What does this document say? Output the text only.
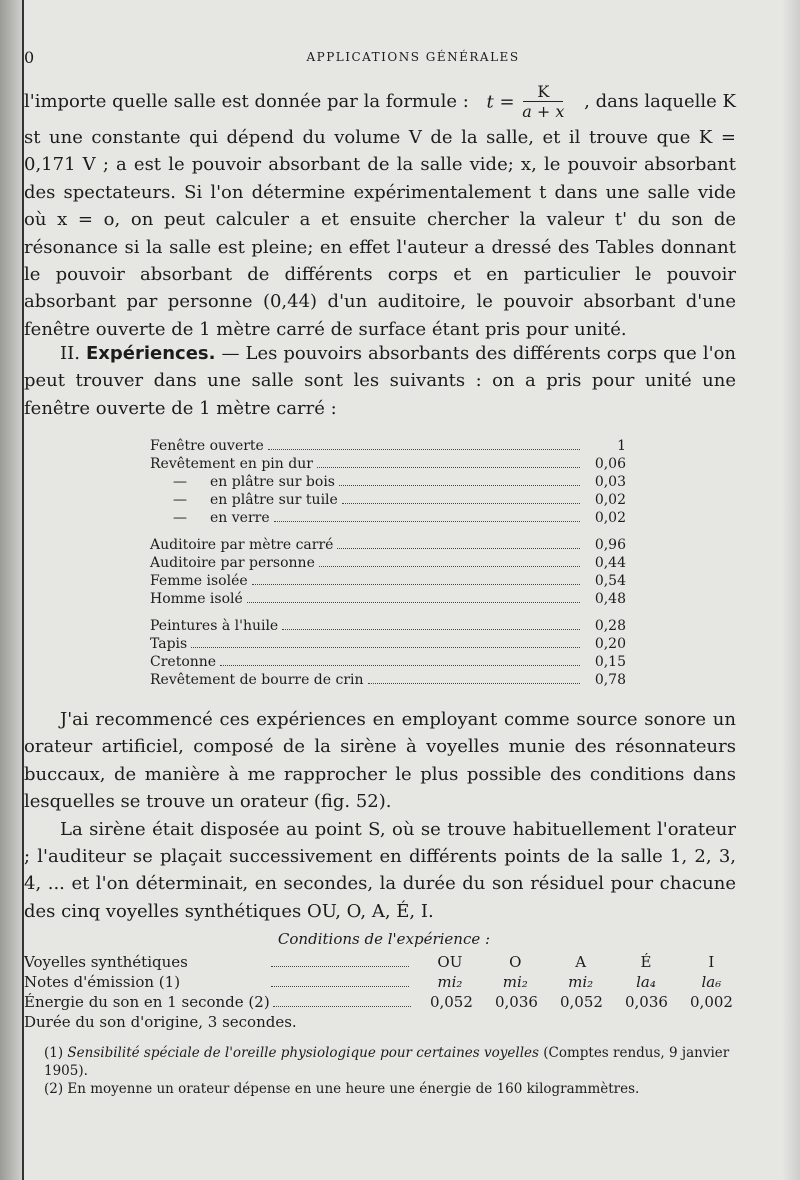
0	APPLICATIONS GÉNÉRALES
l'importe quelle salle est donnée par la formule : $t = \frac{K}{a + x}$ , dans laquelle K
st une constante qui dépend du volume V de la salle, et il trouve que K = 0,171 V ; a est le pouvoir absorbant de la salle vide; x, le pouvoir absorbant des spectateurs. Si l'on détermine expérimentalement t dans une salle vide où x = o, on peut calculer a et ensuite chercher la valeur t' du son de résonance si la salle est pleine; en effet l'auteur a dressé des Tables donnant le pouvoir absorbant de différents corps et en particulier le pouvoir absorbant par personne (0,44) d'un auditoire, le pouvoir absorbant d'une fenêtre ouverte de 1 mètre carré de surface étant pris pour unité.
II. Expériences. — Les pouvoirs absorbants des différents corps que l'on peut trouver dans une salle sont les suivants : on a pris pour unité une fenêtre ouverte de 1 mètre carré :
Fenêtre ouverte	1
Revêtement en pin dur	0,06
— en plâtre sur bois	0,03
— en plâtre sur tuile	0,02
— en verre	0,02
Auditoire par mètre carré	0,96
Auditoire par personne	0,44
Femme isolée	0,54
Homme isolé	0,48
Peintures à l'huile	0,28
Tapis	0,20
Cretonne	0,15
Revêtement de bourre de crin	0,78
J'ai recommencé ces expériences en employant comme source sonore un orateur artificiel, composé de la sirène à voyelles munie des résonnateurs buccaux, de manière à me rapprocher le plus possible des conditions dans lesquelles se trouve un orateur (fig. 52).
La sirène était disposée au point S, où se trouve habituellement l'orateur ; l'auditeur se plaçait successivement en différents points de la salle 1, 2, 3, 4, ... et l'on déterminait, en secondes, la durée du son résiduel pour chacune des cinq voyelles synthétiques OU, O, A, É, I.
Conditions de l'expérience :
Voyelles synthétiques	OU	O	A	É	I
Notes d'émission (1)	mi₂	mi₂	mi₂	la₄	la₆
Énergie du son en 1 seconde (2)	0,052	0,036	0,052	0,036	0,002
Durée du son d'origine, 3 secondes.
(1) Sensibilité spéciale de l'oreille physiologique pour certaines voyelles (Comptes rendus, 9 janvier 1905).
(2) En moyenne un orateur dépense en une heure une énergie de 160 kilogrammètres.
